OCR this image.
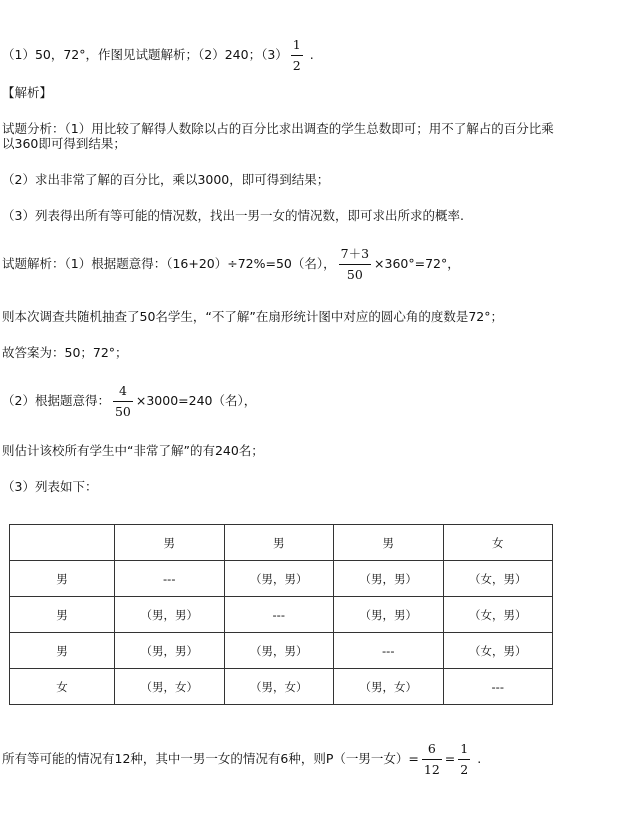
（1）50，72°，作图见试题解析；（2）240；$(3) \frac{1}{2}$ .
【解析】
试题分析：（1）用比较了解得人数除以占的百分比求出调查的学生总数即可；用不了解占的百分比乘
以360即可得到结果；
（2）求出非常了解的百分比，乘以3000，即可得到结果；
（3）列表得出所有等可能的情况数，找出一男一女的情况数，即可求出所求的概率.
试题解析：（1）根据题意得：（16+20）÷72%=50（名）， $\frac{7+3}{50} \times 360^\circ=72^\circ$，
则本次调查共随机抽查了50名学生，“不了解”在扇形统计图中对应的圆心角的度数是72°；
故答案为：50；72°；
（2）根据题意得： $\frac{4}{50} \times 3000=240$（名），
则估计该校所有学生中“非常了解”的有240名；
（3）列表如下：
	男	男	男	女
男	---	（男，男）	（男，男）	（女，男）
男	（男，男）	---	（男，男）	（女，男）
男	（男，男）	（男，男）	---	（女，男）
女	（男，女）	（男，女）	（男，女）	---
所有等可能的情况有12种，其中一男一女的情况有6种，则P（一男一女）= $\frac{6}{12} = \frac{1}{2}$ .
